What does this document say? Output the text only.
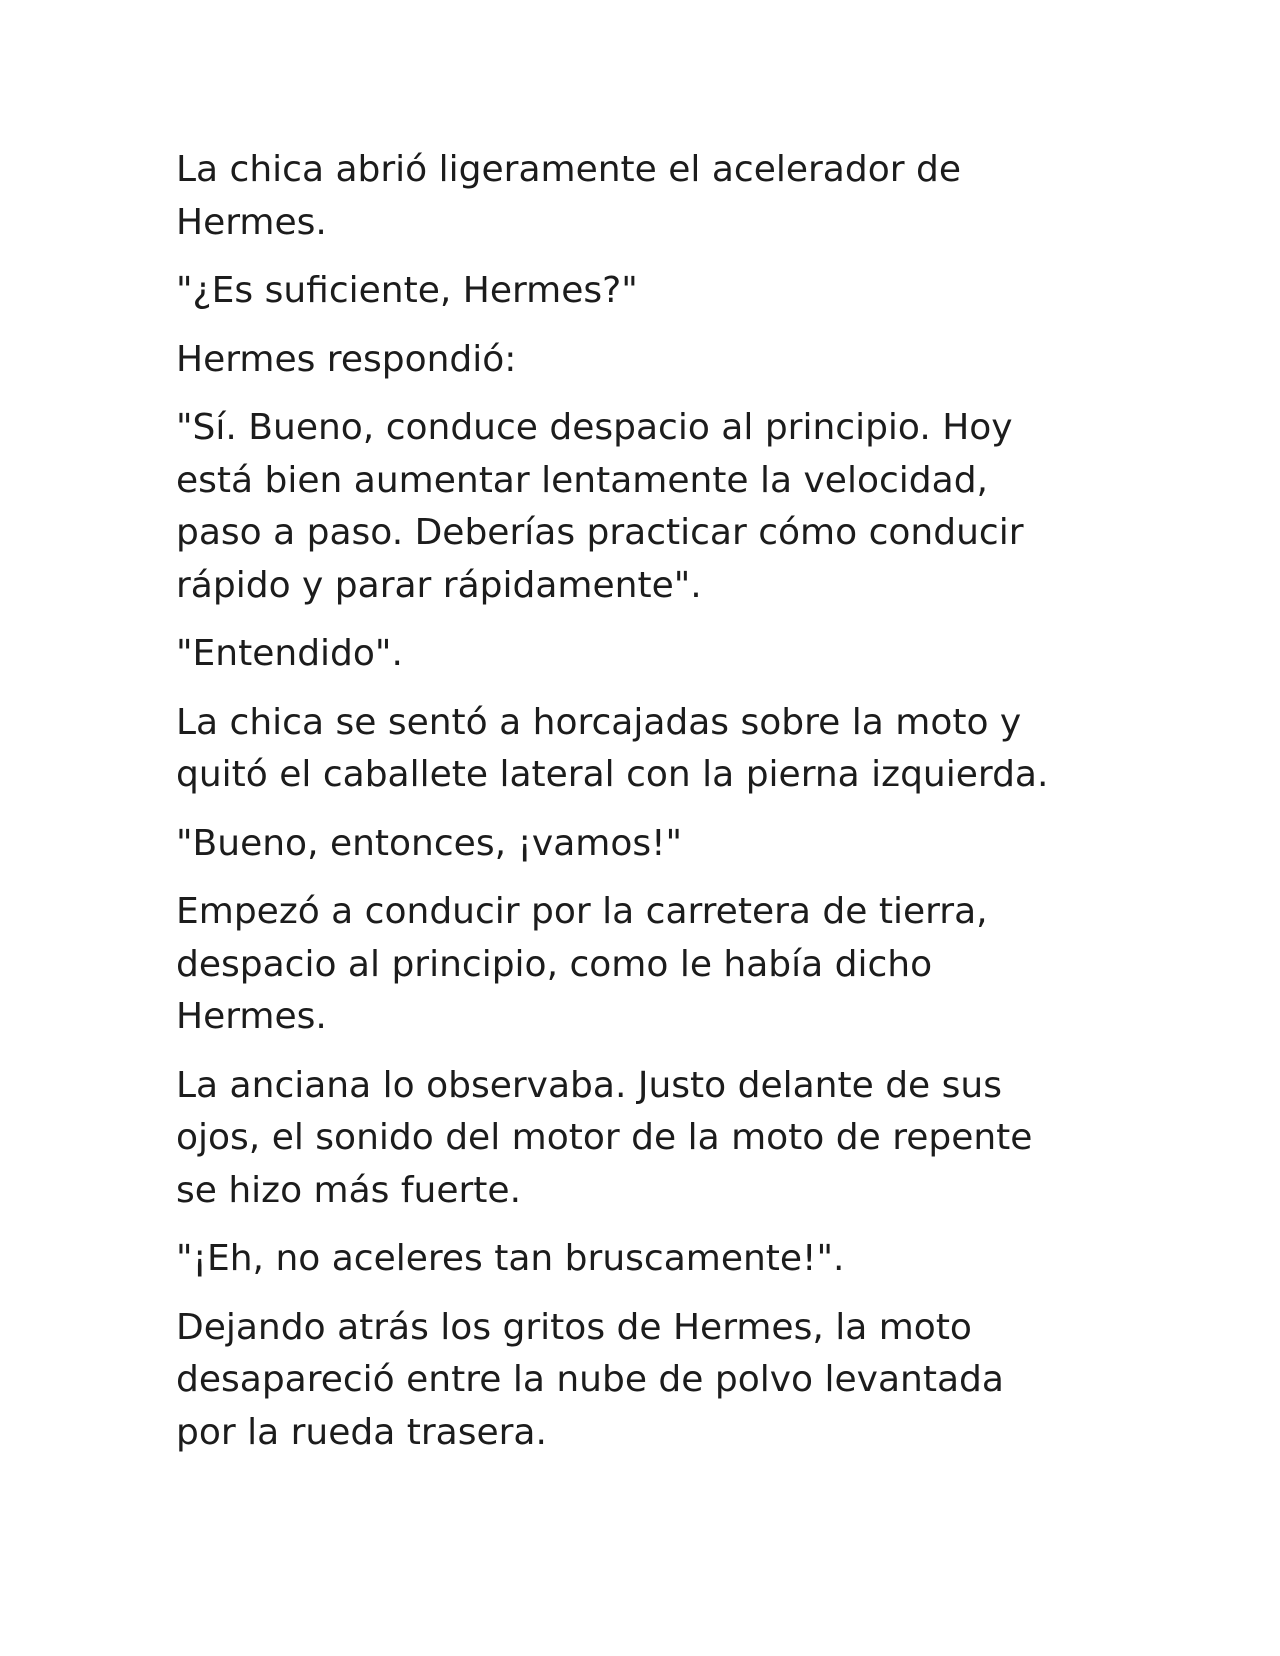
La chica abrió ligeramente el acelerador de
Hermes.

"¿Es suficiente, Hermes?"

Hermes respondió:

"Sí. Bueno, conduce despacio al principio. Hoy
está bien aumentar lentamente la velocidad,
paso a paso. Deberías practicar cómo conducir
rápido y parar rápidamente".

"Entendido".

La chica se sentó a horcajadas sobre la moto y
quitó el caballete lateral con la pierna izquierda.

"Bueno, entonces, ¡vamos!"

Empezó a conducir por la carretera de tierra,
despacio al principio, como le había dicho
Hermes.

La anciana lo observaba. Justo delante de sus
ojos, el sonido del motor de la moto de repente
se hizo más fuerte.

"¡Eh, no aceleres tan bruscamente!".

Dejando atrás los gritos de Hermes, la moto
desapareció entre la nube de polvo levantada
por la rueda trasera.
